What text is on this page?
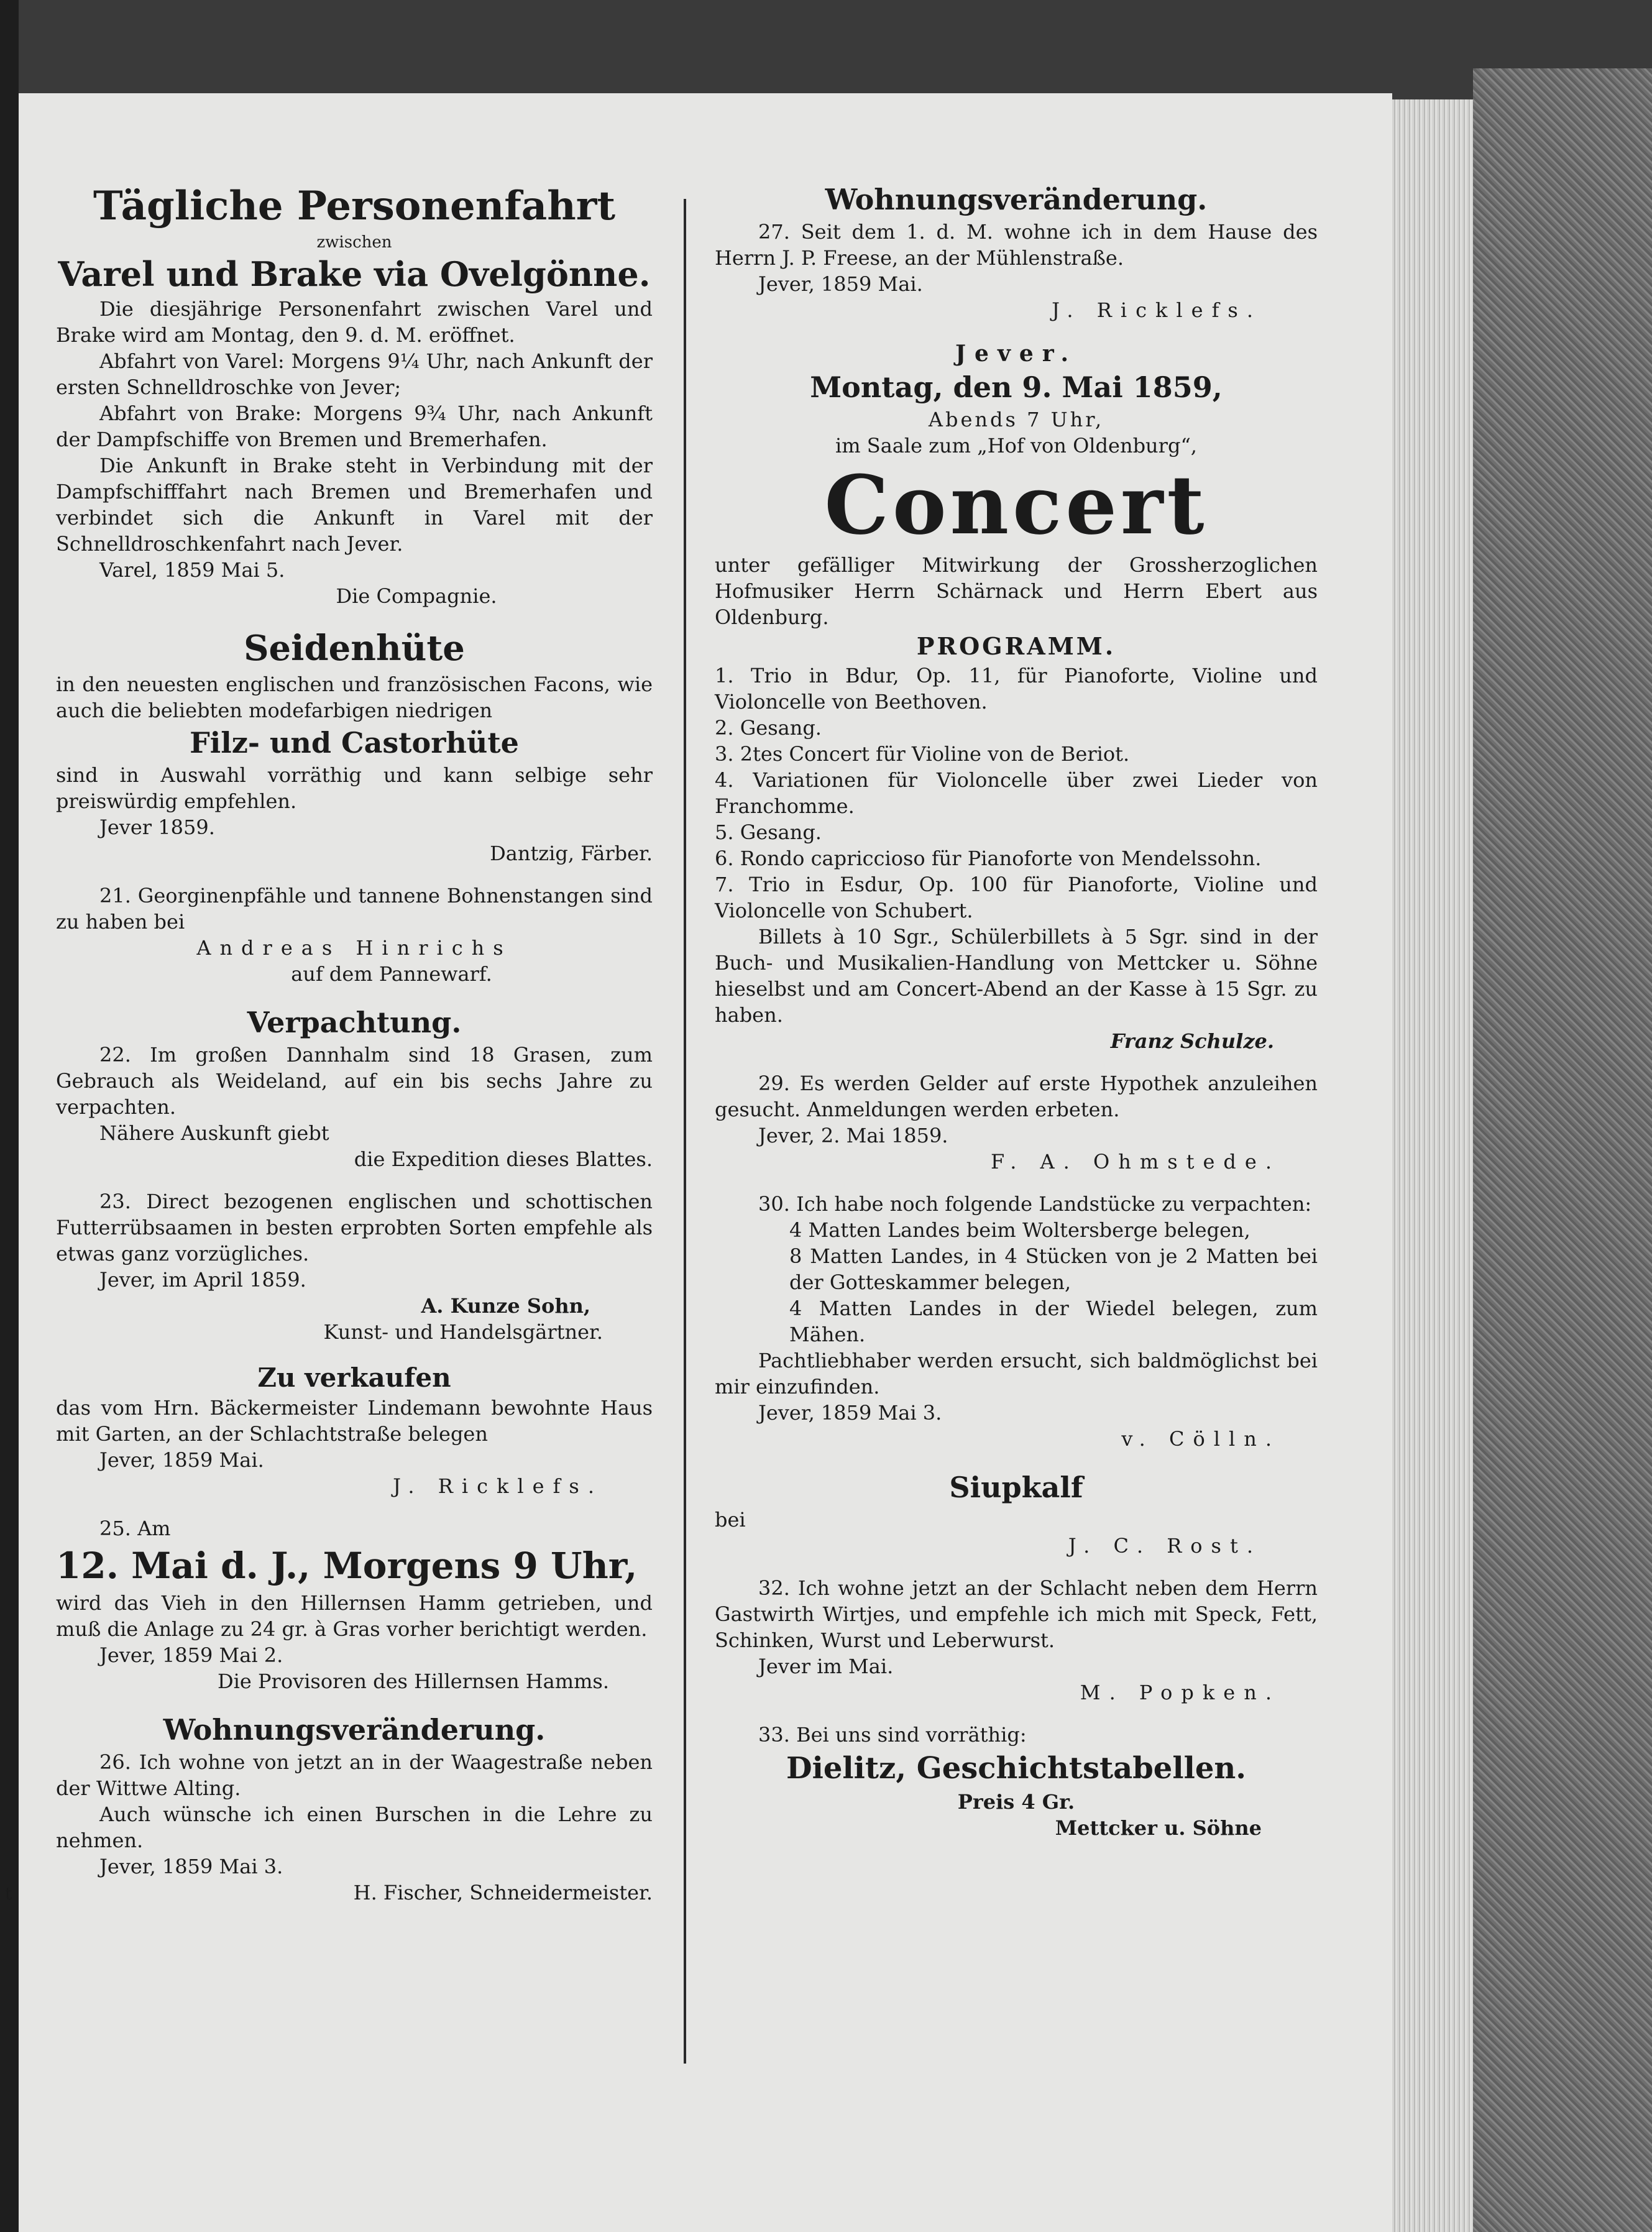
t

Tägliche Personenfahrt

zwischen

Varel und Brake via Ovelgönne.

Die diesjährige Personenfahrt zwischen Varel und Brake wird am Montag, den 9. d. M. eröffnet.

Abfahrt von Varel: Morgens 9¼ Uhr, nach Ankunft der ersten Schnelldroschke von Jever;

Abfahrt von Brake: Morgens 9¾ Uhr, nach Ankunft der Dampfschiffe von Bremen und Bremerhafen.

Die Ankunft in Brake steht in Verbindung mit der Dampfschifffahrt nach Bremen und Bremerhafen und verbindet sich die Ankunft in Varel mit der Schnelldroschkenfahrt nach Jever.

Varel, 1859 Mai 5.

Die Compagnie.

Seidenhüte

in den neuesten englischen und französischen Facons, wie auch die beliebten modefarbigen niedrigen

Filz- und Castorhüte

sind in Auswahl vorräthig und kann selbige sehr preiswürdig empfehlen.

Jever 1859.

Dantzig, Färber.

21. Georginenpfähle und tannene Bohnenstangen sind zu haben bei

Andreas Hinrichs

auf dem Pannewarf.

Verpachtung.

22. Im großen Dannhalm sind 18 Grasen, zum Gebrauch als Weideland, auf ein bis sechs Jahre zu verpachten.

Nähere Auskunft giebt

die Expedition dieses Blattes.

23. Direct bezogenen englischen und schottischen Futterrübsaamen in besten erprobten Sorten empfehle als etwas ganz vorzügliches.

Jever, im April 1859.

A. Kunze Sohn,

Kunst- und Handelsgärtner.

Zu verkaufen

das vom Hrn. Bäckermeister Lindemann bewohnte Haus mit Garten, an der Schlachtstraße belegen

Jever, 1859 Mai.

J. Ricklefs.

25. Am

12. Mai d. J., Morgens 9 Uhr,

wird das Vieh in den Hillernsen Hamm getrieben, und muß die Anlage zu 24 gr. à Gras vorher berichtigt werden.

Jever, 1859 Mai 2.

Die Provisoren des Hillernsen Hamms.

Wohnungsveränderung.

26. Ich wohne von jetzt an in der Waagestraße neben der Wittwe Alting.

Auch wünsche ich einen Burschen in die Lehre zu nehmen.

Jever, 1859 Mai 3.

H. Fischer, Schneidermeister.

Wohnungsveränderung.

27. Seit dem 1. d. M. wohne ich in dem Hause des Herrn J. P. Freese, an der Mühlenstraße.

Jever, 1859 Mai.

J. Ricklefs.

Jever.

Montag, den 9. Mai 1859,

Abends 7 Uhr,

im Saale zum „Hof von Oldenburg“,

Concert

unter gefälliger Mitwirkung der Grossherzoglichen Hofmusiker Herrn Schärnack und Herrn Ebert aus Oldenburg.

PROGRAMM.

1. Trio in Bdur, Op. 11, für Pianoforte, Violine und Violoncelle von Beethoven.
2. Gesang.
3. 2tes Concert für Violine von de Beriot.
4. Variationen für Violoncelle über zwei Lieder von Franchomme.
5. Gesang.
6. Rondo capriccioso für Pianoforte von Mendelssohn.
7. Trio in Esdur, Op. 100 für Pianoforte, Violine und Violoncelle von Schubert.

Billets à 10 Sgr., Schülerbillets à 5 Sgr. sind in der Buch- und Musikalien-Handlung von Mettcker u. Söhne hieselbst und am Concert-Abend an der Kasse à 15 Sgr. zu haben.

Franz Schulze.

29. Es werden Gelder auf erste Hypothek anzuleihen gesucht. Anmeldungen werden erbeten.

Jever, 2. Mai 1859.

F. A. Ohmstede.

30. Ich habe noch folgende Landstücke zu verpachten:

4 Matten Landes beim Woltersberge belegen,

8 Matten Landes, in 4 Stücken von je 2 Matten bei der Gotteskammer belegen,

4 Matten Landes in der Wiedel belegen, zum Mähen.

Pachtliebhaber werden ersucht, sich baldmöglichst bei mir einzufinden.

Jever, 1859 Mai 3.

v. Cölln.

Siupkalf

bei

J. C. Rost.

32. Ich wohne jetzt an der Schlacht neben dem Herrn Gastwirth Wirtjes, und empfehle ich mich mit Speck, Fett, Schinken, Wurst und Leberwurst.

Jever im Mai.

M. Popken.

33. Bei uns sind vorräthig:

Dielitz, Geschichtstabellen.

Preis 4 Gr.

Mettcker u. Söhne
